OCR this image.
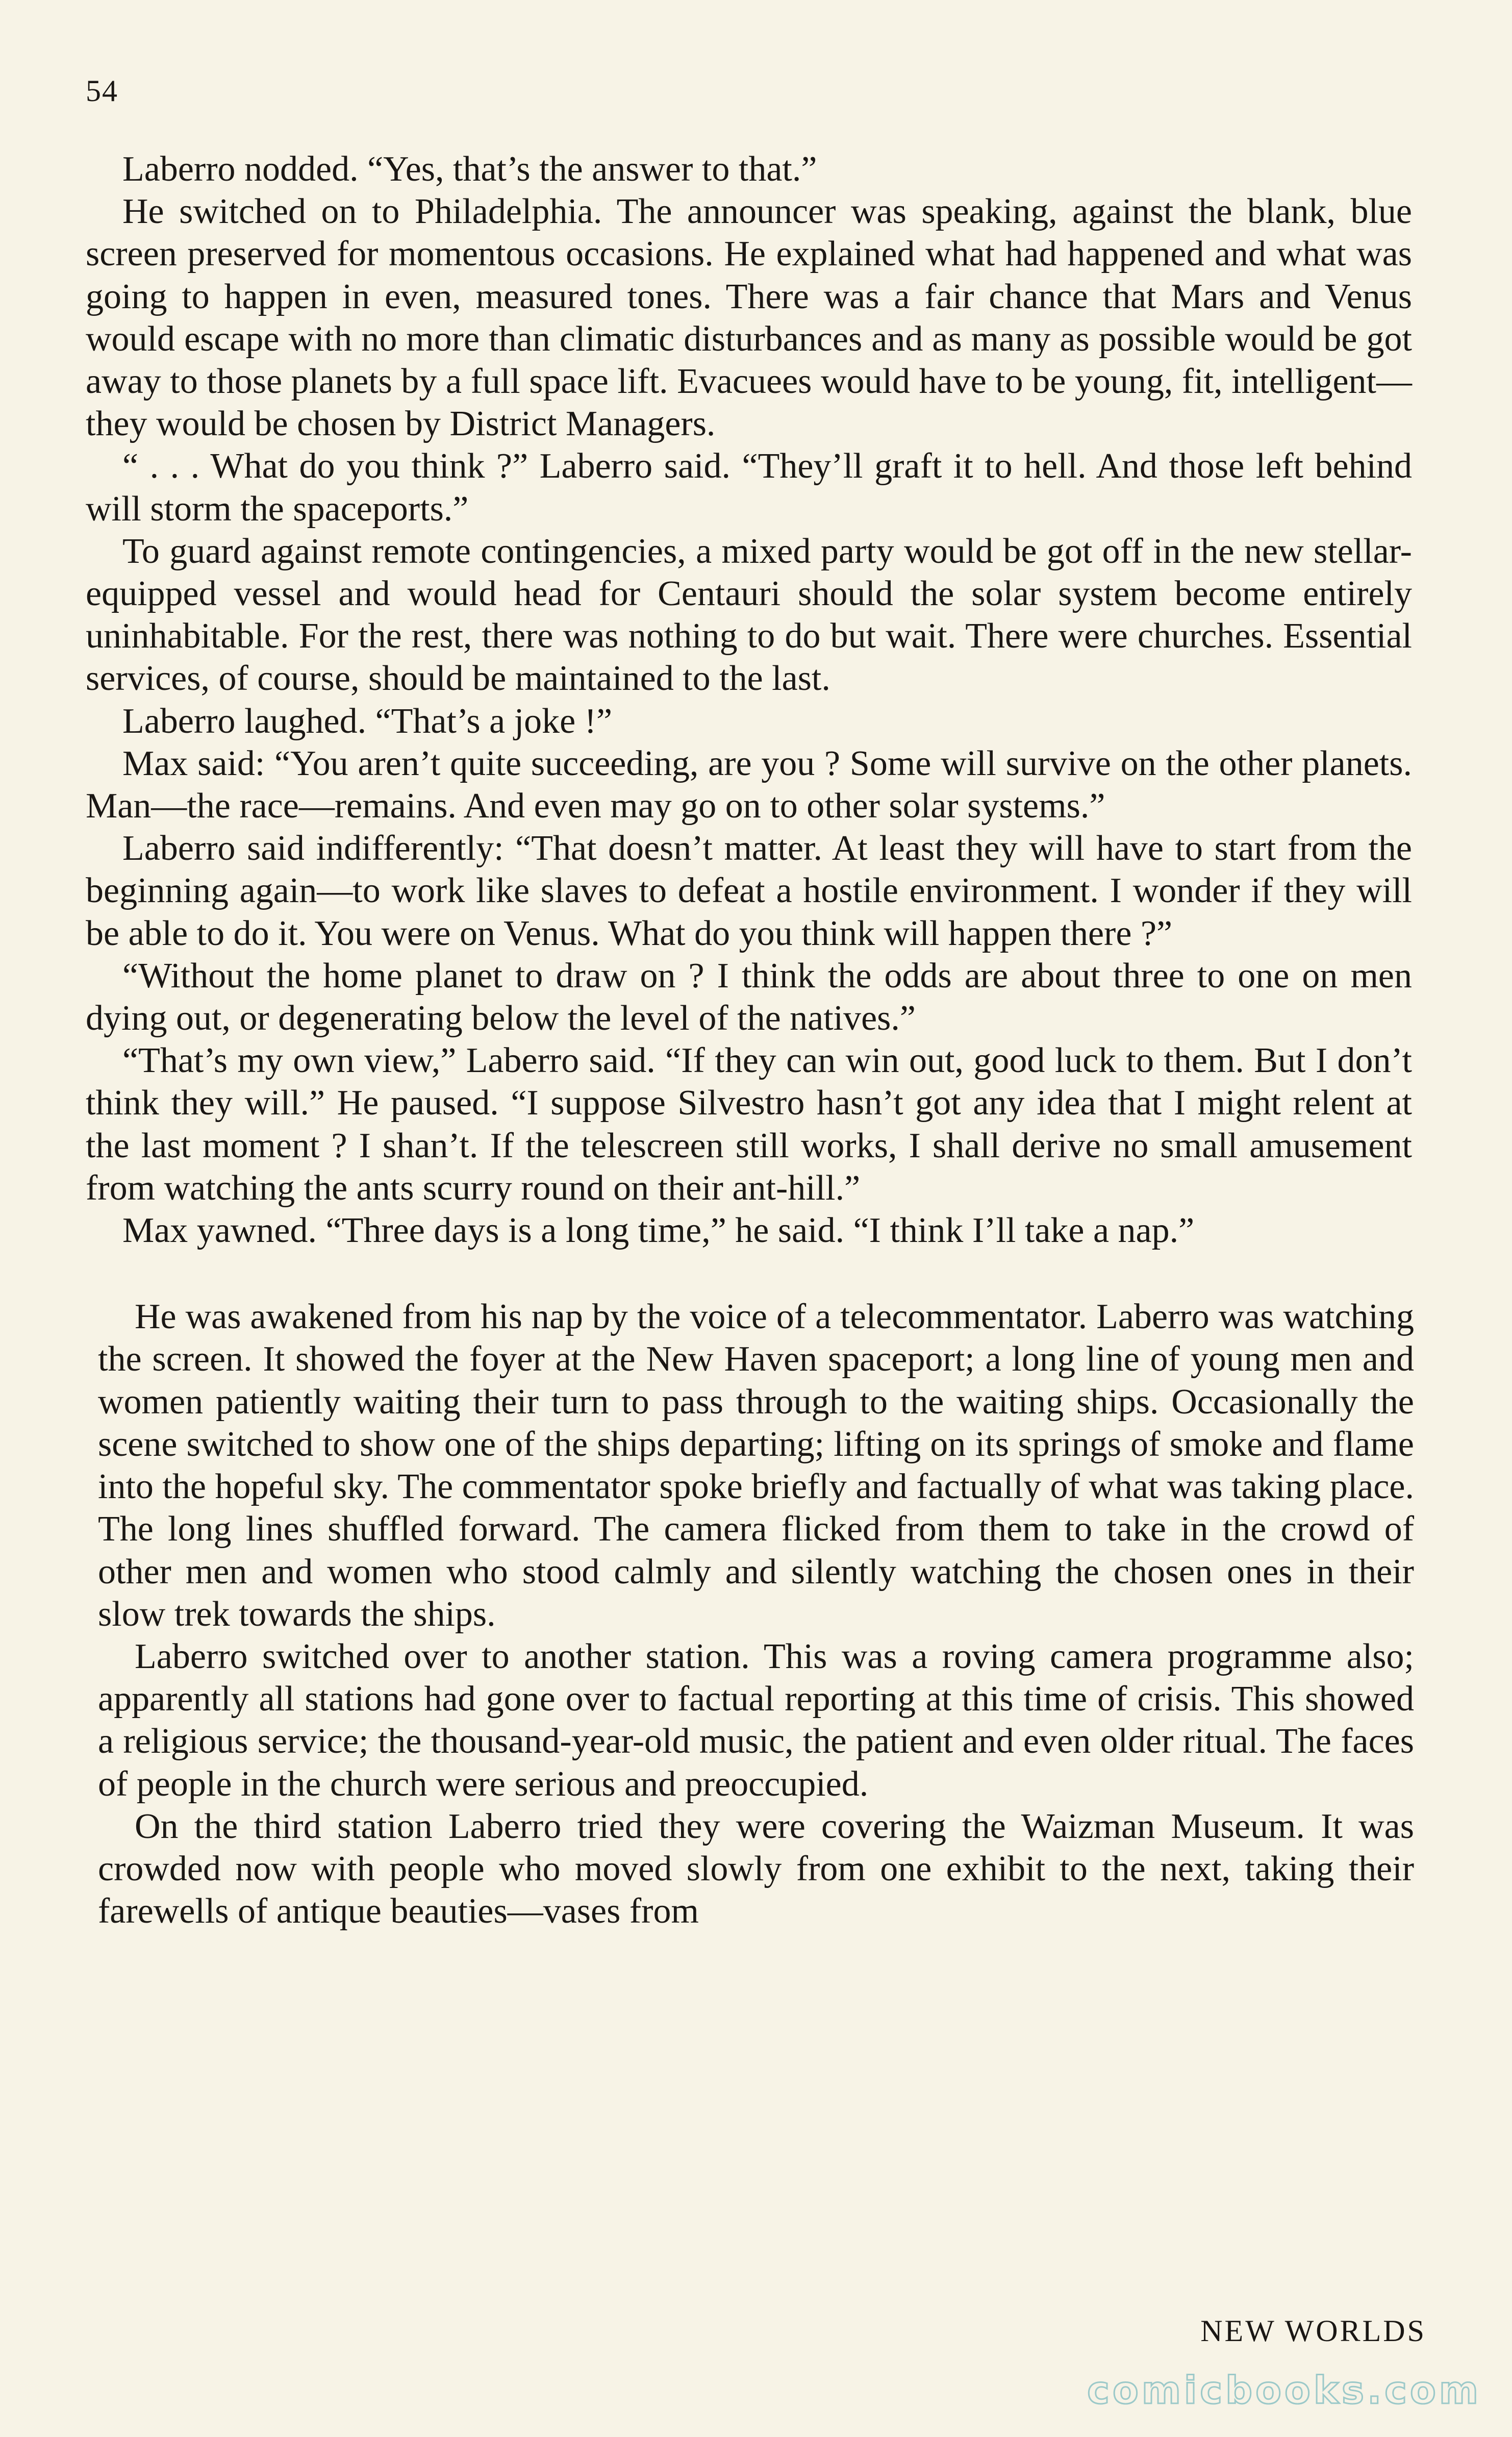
54

Laberro nodded. “Yes, that’s the answer to that.”

He switched on to Philadelphia. The announcer was speaking, against the blank, blue screen preserved for momentous occasions. He explained what had happened and what was going to happen in even, measured tones. There was a fair chance that Mars and Venus would escape with no more than climatic disturbances and as many as possible would be got away to those planets by a full space lift. Evacuees would have to be young, fit, intelligent—they would be chosen by District Managers.

“ . . . What do you think ?” Laberro said. “They’ll graft it to hell. And those left behind will storm the spaceports.”

To guard against remote contingencies, a mixed party would be got off in the new stellar-equipped vessel and would head for Centauri should the solar system become entirely uninhabitable. For the rest, there was nothing to do but wait. There were churches. Essential services, of course, should be maintained to the last.

Laberro laughed. “That’s a joke !”

Max said: “You aren’t quite succeeding, are you ? Some will survive on the other planets. Man—the race—remains. And even may go on to other solar systems.”

Laberro said indifferently: “That doesn’t matter. At least they will have to start from the beginning again—to work like slaves to defeat a hostile environment. I wonder if they will be able to do it. You were on Venus. What do you think will happen there ?”

“Without the home planet to draw on ? I think the odds are about three to one on men dying out, or degenerating below the level of the natives.”

“That’s my own view,” Laberro said. “If they can win out, good luck to them. But I don’t think they will.” He paused. “I suppose Silvestro hasn’t got any idea that I might relent at the last moment ? I shan’t. If the telescreen still works, I shall derive no small amusement from watching the ants scurry round on their ant-hill.”

Max yawned. “Three days is a long time,” he said. “I think I’ll take a nap.”

He was awakened from his nap by the voice of a telecommentator. Laberro was watching the screen. It showed the foyer at the New Haven spaceport; a long line of young men and women patiently waiting their turn to pass through to the waiting ships. Occasionally the scene switched to show one of the ships departing; lifting on its springs of smoke and flame into the hopeful sky. The commentator spoke briefly and factually of what was taking place. The long lines shuffled forward. The camera flicked from them to take in the crowd of other men and women who stood calmly and silently watching the chosen ones in their slow trek towards the ships.

Laberro switched over to another station. This was a roving camera programme also; apparently all stations had gone over to factual reporting at this time of crisis. This showed a religious service; the thousand-year-old music, the patient and even older ritual. The faces of people in the church were serious and preoccupied.

On the third station Laberro tried they were covering the Waizman Museum. It was crowded now with people who moved slowly from one exhibit to the next, taking their farewells of antique beauties—vases from

NEW WORLDS
comicbooks.com
